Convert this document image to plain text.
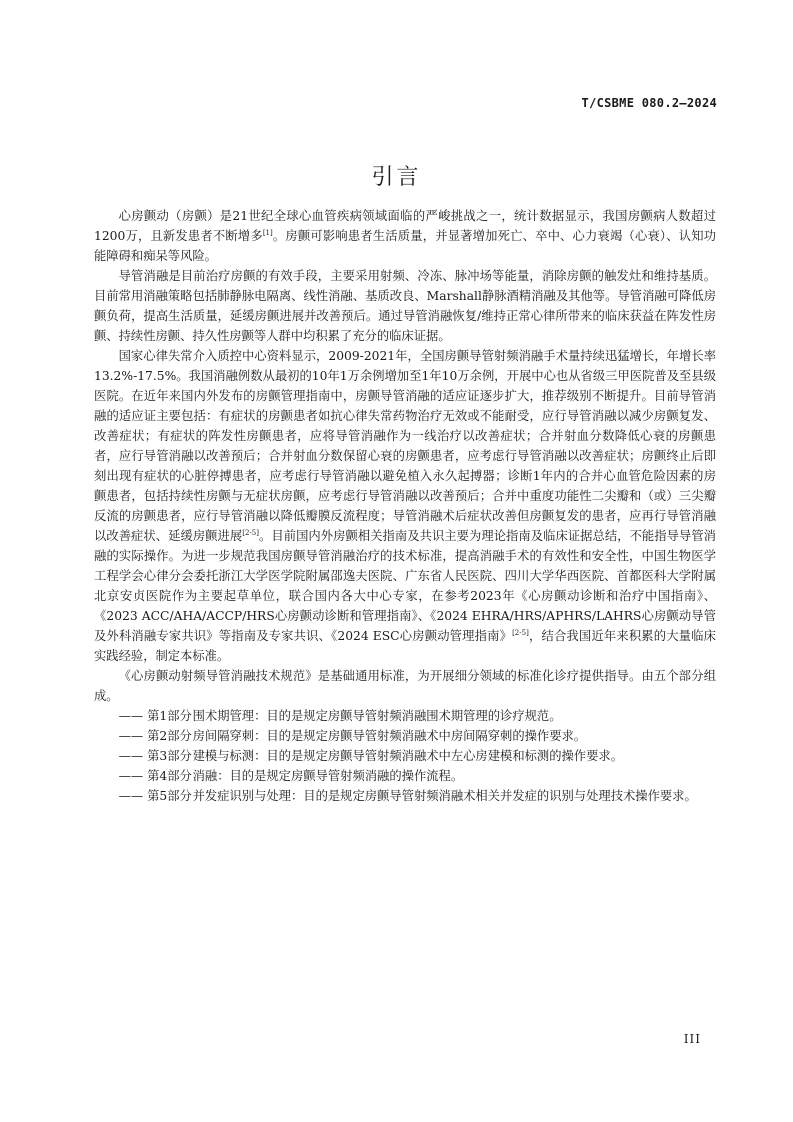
T/CSBME 080.2—2024
引言

心房颤动（房颤）是21世纪全球心血管疾病领域面临的严峻挑战之一，统计数据显示，我国房颤病人数超过1200万，且新发患者不断增多[1]。房颤可影响患者生活质量，并显著增加死亡、卒中、心力衰竭（心衰）、认知功能障碍和痴呆等风险。

导管消融是目前治疗房颤的有效手段，主要采用射频、冷冻、脉冲场等能量，消除房颤的触发灶和维持基质。目前常用消融策略包括肺静脉电隔离、线性消融、基质改良、Marshall静脉酒精消融及其他等。导管消融可降低房颤负荷，提高生活质量，延缓房颤进展并改善预后。通过导管消融恢复/维持正常心律所带来的临床获益在阵发性房颤、持续性房颤、持久性房颤等人群中均积累了充分的临床证据。

国家心律失常介入质控中心资料显示，2009-2021年，全国房颤导管射频消融手术量持续迅猛增长，年增长率13.2%-17.5%。我国消融例数从最初的10年1万余例增加至1年10万余例，开展中心也从省级三甲医院普及至县级医院。在近年来国内外发布的房颤管理指南中，房颤导管消融的适应证逐步扩大，推荐级别不断提升。目前导管消融的适应证主要包括：有症状的房颤患者如抗心律失常药物治疗无效或不能耐受，应行导管消融以减少房颤复发、改善症状；有症状的阵发性房颤患者，应将导管消融作为一线治疗以改善症状；合并射血分数降低心衰的房颤患者，应行导管消融以改善预后；合并射血分数保留心衰的房颤患者，应考虑行导管消融以改善症状；房颤终止后即刻出现有症状的心脏停搏患者，应考虑行导管消融以避免植入永久起搏器；诊断1年内的合并心血管危险因素的房颤患者，包括持续性房颤与无症状房颤，应考虑行导管消融以改善预后；合并中重度功能性二尖瓣和（或）三尖瓣反流的房颤患者，应行导管消融以降低瓣膜反流程度；导管消融术后症状改善但房颤复发的患者，应再行导管消融以改善症状、延缓房颤进展[2-5]。目前国内外房颤相关指南及共识主要为理论指南及临床证据总结，不能指导导管消融的实际操作。为进一步规范我国房颤导管消融治疗的技术标准，提高消融手术的有效性和安全性，中国生物医学工程学会心律分会委托浙江大学医学院附属邵逸夫医院、广东省人民医院、四川大学华西医院、首都医科大学附属北京安贞医院作为主要起草单位，联合国内各大中心专家，在参考2023年《心房颤动诊断和治疗中国指南》、《2023 ACC/AHA/ACCP/HRS心房颤动诊断和管理指南》、《2024 EHRA/HRS/APHRS/LAHRS心房颤动导管及外科消融专家共识》等指南及专家共识、《2024 ESC心房颤动管理指南》[2-5]，结合我国近年来积累的大量临床实践经验，制定本标准。

《心房颤动射频导管消融技术规范》是基础通用标准，为开展细分领域的标准化诊疗提供指导。由五个部分组成。

—— 第1部分围术期管理：目的是规定房颤导管射频消融围术期管理的诊疗规范。

—— 第2部分房间隔穿刺：目的是规定房颤导管射频消融术中房间隔穿刺的操作要求。

—— 第3部分建模与标测：目的是规定房颤导管射频消融术中左心房建模和标测的操作要求。

—— 第4部分消融：目的是规定房颤导管射频消融的操作流程。

—— 第5部分并发症识别与处理：目的是规定房颤导管射频消融术相关并发症的识别与处理技术操作要求。

III
